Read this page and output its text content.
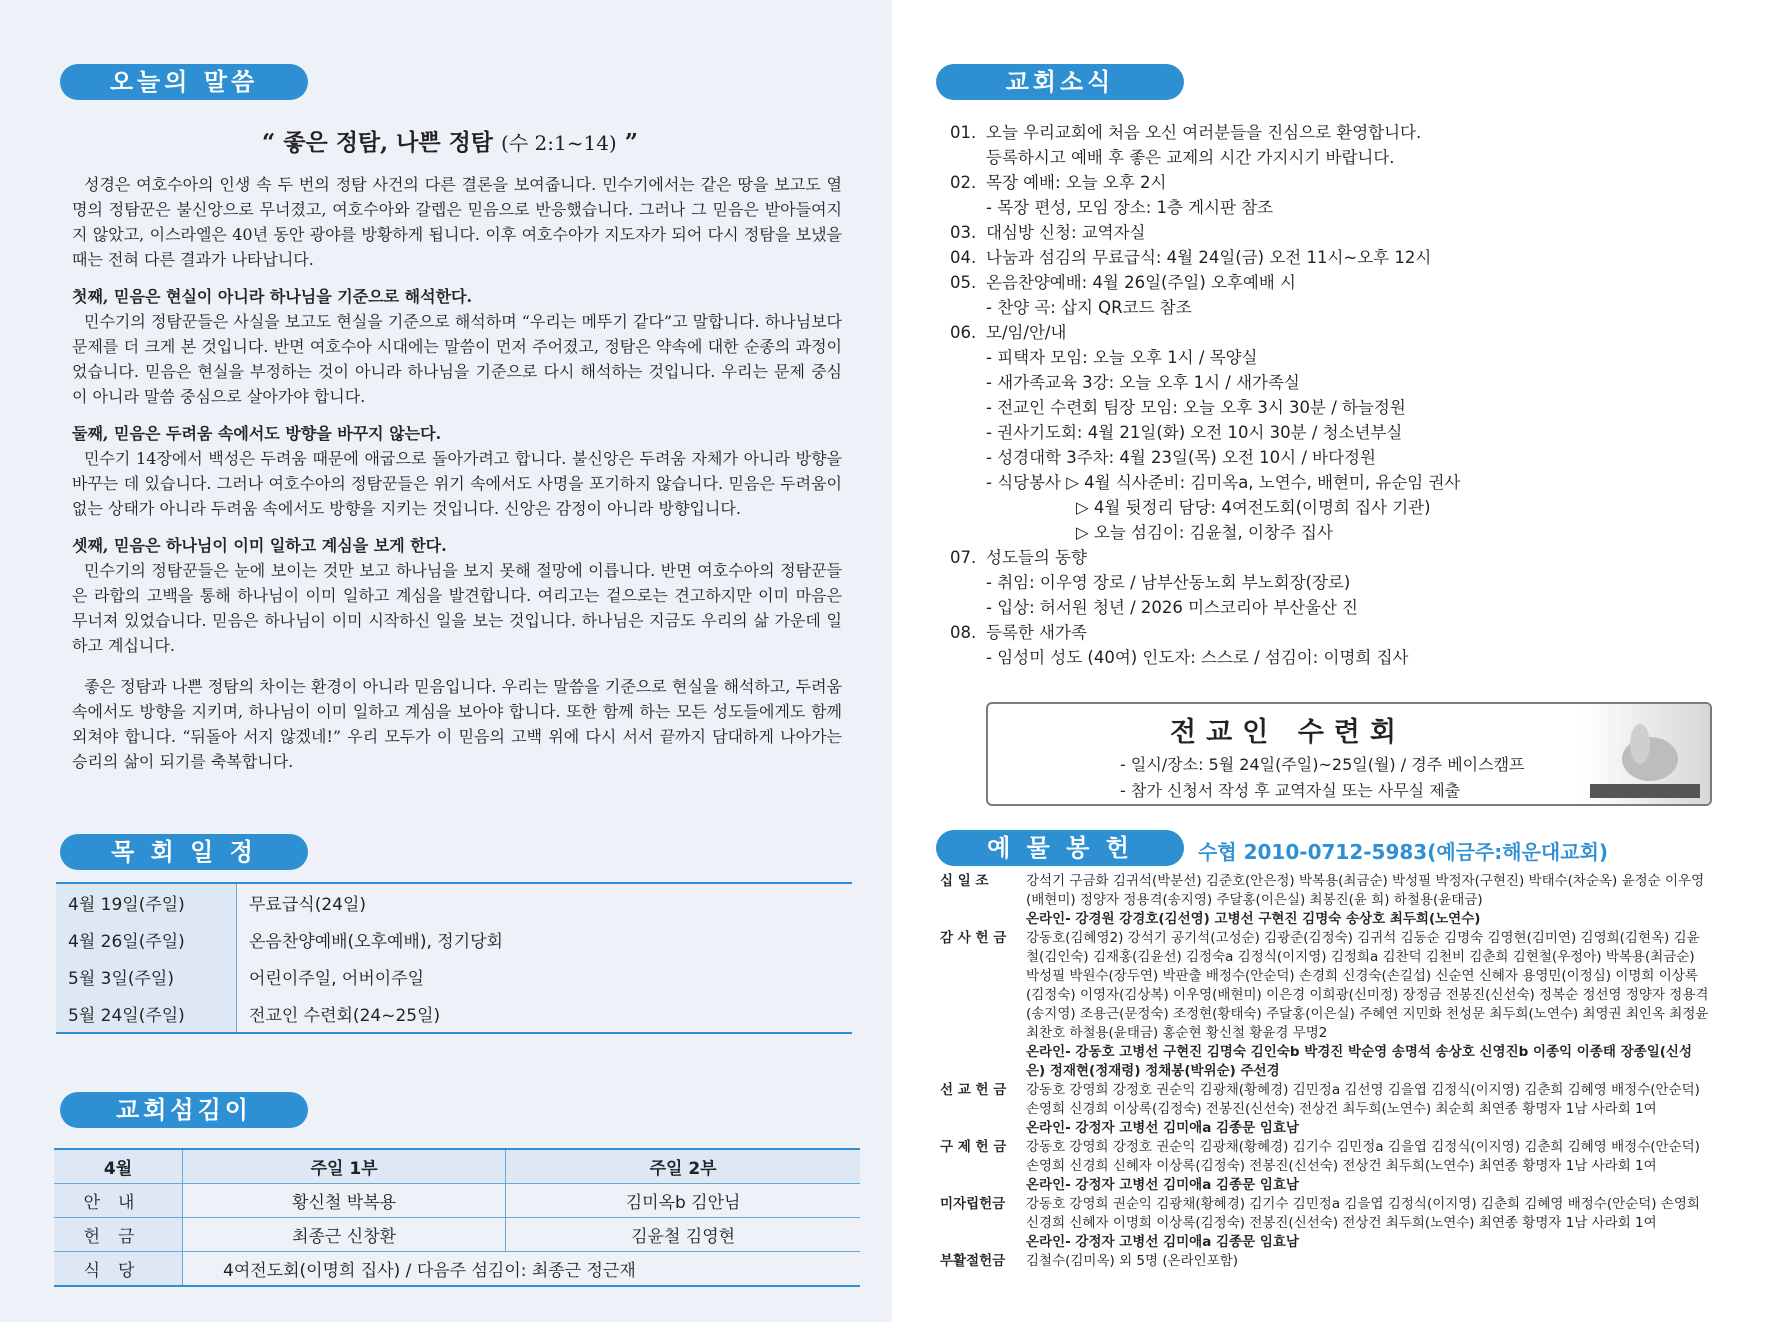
오늘의 말씀
“ 좋은 정탐, 나쁜 정탐 (수 2:1~14) ”

성경은 여호수아의 인생 속 두 번의 정탐 사건의 다른 결론을 보여줍니다. 민수기에서는 같은 땅을 보고도 열 명의 정탐꾼은 불신앙으로 무너졌고, 여호수아와 갈렙은 믿음으로 반응했습니다. 그러나 그 믿음은 받아들여지지 않았고, 이스라엘은 40년 동안 광야를 방황하게 됩니다. 이후 여호수아가 지도자가 되어 다시 정탐을 보냈을 때는 전혀 다른 결과가 나타납니다.

첫째, 믿음은 현실이 아니라 하나님을 기준으로 해석한다.

민수기의 정탐꾼들은 사실을 보고도 현실을 기준으로 해석하며 “우리는 메뚜기 같다”고 말합니다. 하나님보다 문제를 더 크게 본 것입니다. 반면 여호수아 시대에는 말씀이 먼저 주어졌고, 정탐은 약속에 대한 순종의 과정이었습니다. 믿음은 현실을 부정하는 것이 아니라 하나님을 기준으로 다시 해석하는 것입니다. 우리는 문제 중심이 아니라 말씀 중심으로 살아가야 합니다.

둘째, 믿음은 두려움 속에서도 방향을 바꾸지 않는다.

민수기 14장에서 백성은 두려움 때문에 애굽으로 돌아가려고 합니다. 불신앙은 두려움 자체가 아니라 방향을 바꾸는 데 있습니다. 그러나 여호수아의 정탐꾼들은 위기 속에서도 사명을 포기하지 않습니다. 믿음은 두려움이 없는 상태가 아니라 두려움 속에서도 방향을 지키는 것입니다. 신앙은 감정이 아니라 방향입니다.

셋째, 믿음은 하나님이 이미 일하고 계심을 보게 한다.

민수기의 정탐꾼들은 눈에 보이는 것만 보고 하나님을 보지 못해 절망에 이릅니다. 반면 여호수아의 정탐꾼들은 라합의 고백을 통해 하나님이 이미 일하고 계심을 발견합니다. 여리고는 겉으로는 견고하지만 이미 마음은 무너져 있었습니다. 믿음은 하나님이 이미 시작하신 일을 보는 것입니다. 하나님은 지금도 우리의 삶 가운데 일하고 계십니다.

좋은 정탐과 나쁜 정탐의 차이는 환경이 아니라 믿음입니다. 우리는 말씀을 기준으로 현실을 해석하고, 두려움 속에서도 방향을 지키며, 하나님이 이미 일하고 계심을 보아야 합니다. 또한 함께 하는 모든 성도들에게도 함께 외쳐야 합니다. “뒤돌아 서지 않겠네!” 우리 모두가 이 믿음의 고백 위에 다시 서서 끝까지 담대하게 나아가는 승리의 삶이 되기를 축복합니다.

목 회 일 정
4월 19일(주일)	무료급식(24일)
4월 26일(주일)	온음찬양예배(오후예배), 정기당회
5월 3일(주일)	어린이주일, 어버이주일
5월 24일(주일)	전교인 수련회(24~25일)
교회섬김이
4월	주일 1부	주일 2부
안내	황신철 박복용	김미옥b 김안님
헌금	최종근 신창환	김윤철 김영현
식당	4여전도회(이명희 집사) / 다음주 섬김이: 최종근 정근재	
교회소식
01. 오늘 우리교회에 처음 오신 여러분들을 진심으로 환영합니다.
등록하시고 예배 후 좋은 교제의 시간 가지시기 바랍니다.
02. 목장 예배: 오늘 오후 2시
- 목장 편성, 모임 장소: 1층 게시판 참조
03. 대심방 신청: 교역자실
04. 나눔과 섬김의 무료급식: 4월 24일(금) 오전 11시~오후 12시
05. 온음찬양예배: 4월 26일(주일) 오후예배 시
- 찬양 곡: 삽지 QR코드 참조
06. 모/임/안/내
- 피택자 모임: 오늘 오후 1시 / 목양실
- 새가족교육 3강: 오늘 오후 1시 / 새가족실
- 전교인 수련회 팀장 모임: 오늘 오후 3시 30분 / 하늘정원
- 권사기도회: 4월 21일(화) 오전 10시 30분 / 청소년부실
- 성경대학 3주차: 4월 23일(목) 오전 10시 / 바다정원
- 식당봉사 ▷ 4월 식사준비: 김미옥a, 노연수, 배현미, 유순임 권사
▷ 4월 뒷정리 담당: 4여전도회(이명희 집사 기관)
▷ 오늘 섬김이: 김윤철, 이창주 집사
07. 성도들의 동향
- 취임: 이우영 장로 / 남부산동노회 부노회장(장로)
- 입상: 허서원 청년 / 2026 미스코리아 부산울산 진
08. 등록한 새가족
- 임성미 성도 (40여) 인도자: 스스로 / 섬김이: 이명희 집사
전교인 수련회
- 일시/장소: 5월 24일(주일)~25일(월) / 경주 베이스캠프
- 참가 신청서 작성 후 교역자실 또는 사무실 제출
예 물 봉 헌	수협 2010-0712-5983(예금주:해운대교회)
십 일 조	강석기 구금화 김귀석(박분선) 김준호(안은정) 박복용(최금순) 박성필 박정자(구현진) 박태수(차순옥) 윤정순 이우영(배현미) 정양자 정용격(송지영) 주달홍(이은실) 최봉진(윤 희) 하철용(윤태금)
온라인- 강경원 강경호(김선영) 고병선 구현진 김명숙 송상호 최두희(노연수)
감 사 헌 금	강동호(김혜영2) 강석기 공기석(고성순) 김광준(김정숙) 김귀석 김동순 김명숙 김영현(김미연) 김영희(김현옥) 김윤철(김인숙) 김재홍(김윤선) 김정숙a 김정식(이지영) 김정희a 김찬덕 김천비 김춘희 김현철(우정아) 박복용(최금순) 박성필 박원수(장두연) 박판출 배정수(안순덕) 손경희 신경숙(손길섭) 신순연 신혜자 용영민(이정심) 이명희 이상록(김정숙) 이영자(김상복) 이우영(배현미) 이은경 이희광(신미정) 장정금 전봉진(신선숙) 정복순 정선영 정양자 정용격(송지영) 조용근(문정숙) 조정현(황태숙) 주달홍(이은실) 주혜연 지민화 천성문 최두희(노연수) 최영권 최인옥 최정윤 최찬호 하철용(윤태금) 홍순현 황신철 황윤경 무명2
온라인- 강동호 고병선 구현진 김명숙 김인숙b 박경진 박순영 송명석 송상호 신영진b 이종익 이종태 장종일(신성은) 정재현(정재령) 정채봉(박위순) 주선경
선 교 헌 금	강동호 강영희 강정호 권순익 김광채(황혜경) 김민정a 김선영 김을엽 김정식(이지영) 김춘희 김혜영 배정수(안순덕) 손영희 신경희 이상록(김정숙) 전봉진(신선숙) 전상건 최두희(노연수) 최순희 최연종 황명자 1남 사라회 1여
온라인- 강정자 고병선 김미애a 김종문 임효남
구 제 헌 금	강동호 강영희 강정호 권순익 김광채(황혜경) 김기수 김민정a 김을엽 김정식(이지영) 김춘희 김혜영 배정수(안순덕) 손영희 신경희 신혜자 이상록(김정숙) 전봉진(신선숙) 전상건 최두희(노연수) 최연종 황명자 1남 사라회 1여
온라인- 강정자 고병선 김미애a 김종문 임효남
미자립헌금	강동호 강영희 권순익 김광채(황혜경) 김기수 김민정a 김을엽 김정식(이지영) 김춘희 김혜영 배정수(안순덕) 손영희 신경희 신혜자 이명희 이상록(김정숙) 전봉진(신선숙) 전상건 최두희(노연수) 최연종 황명자 1남 사라회 1여
온라인- 강정자 고병선 김미애a 김종문 임효남
부활절헌금	김철수(김미옥) 외 5명 (온라인포함)
